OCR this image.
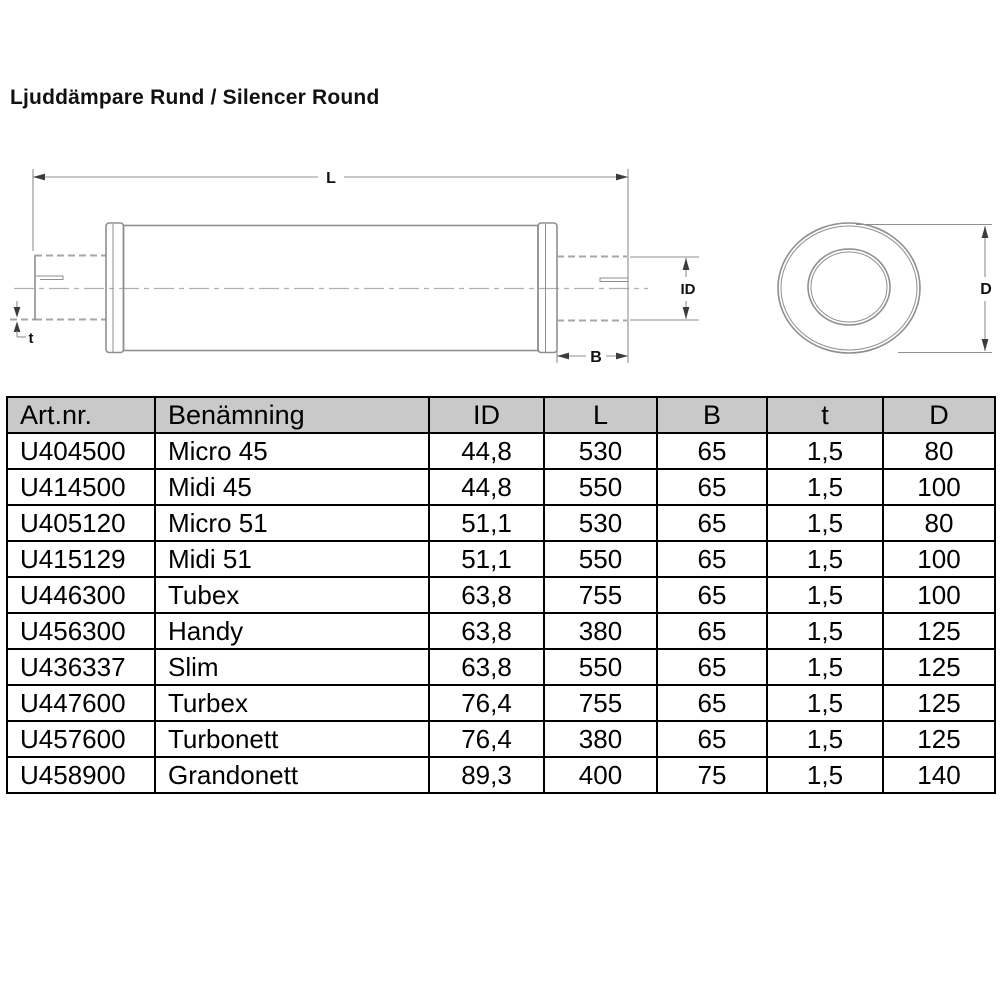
Ljuddämpare Rund / Silencer Round
L
ID
B
t
D
Art.nr.	Benämning	ID	L	B	t	D
U404500	Micro 45	44,8	530	65	1,5	80
U414500	Midi 45	44,8	550	65	1,5	100
U405120	Micro 51	51,1	530	65	1,5	80
U415129	Midi 51	51,1	550	65	1,5	100
U446300	Tubex	63,8	755	65	1,5	100
U456300	Handy	63,8	380	65	1,5	125
U436337	Slim	63,8	550	65	1,5	125
U447600	Turbex	76,4	755	65	1,5	125
U457600	Turbonett	76,4	380	65	1,5	125
U458900	Grandonett	89,3	400	75	1,5	140
